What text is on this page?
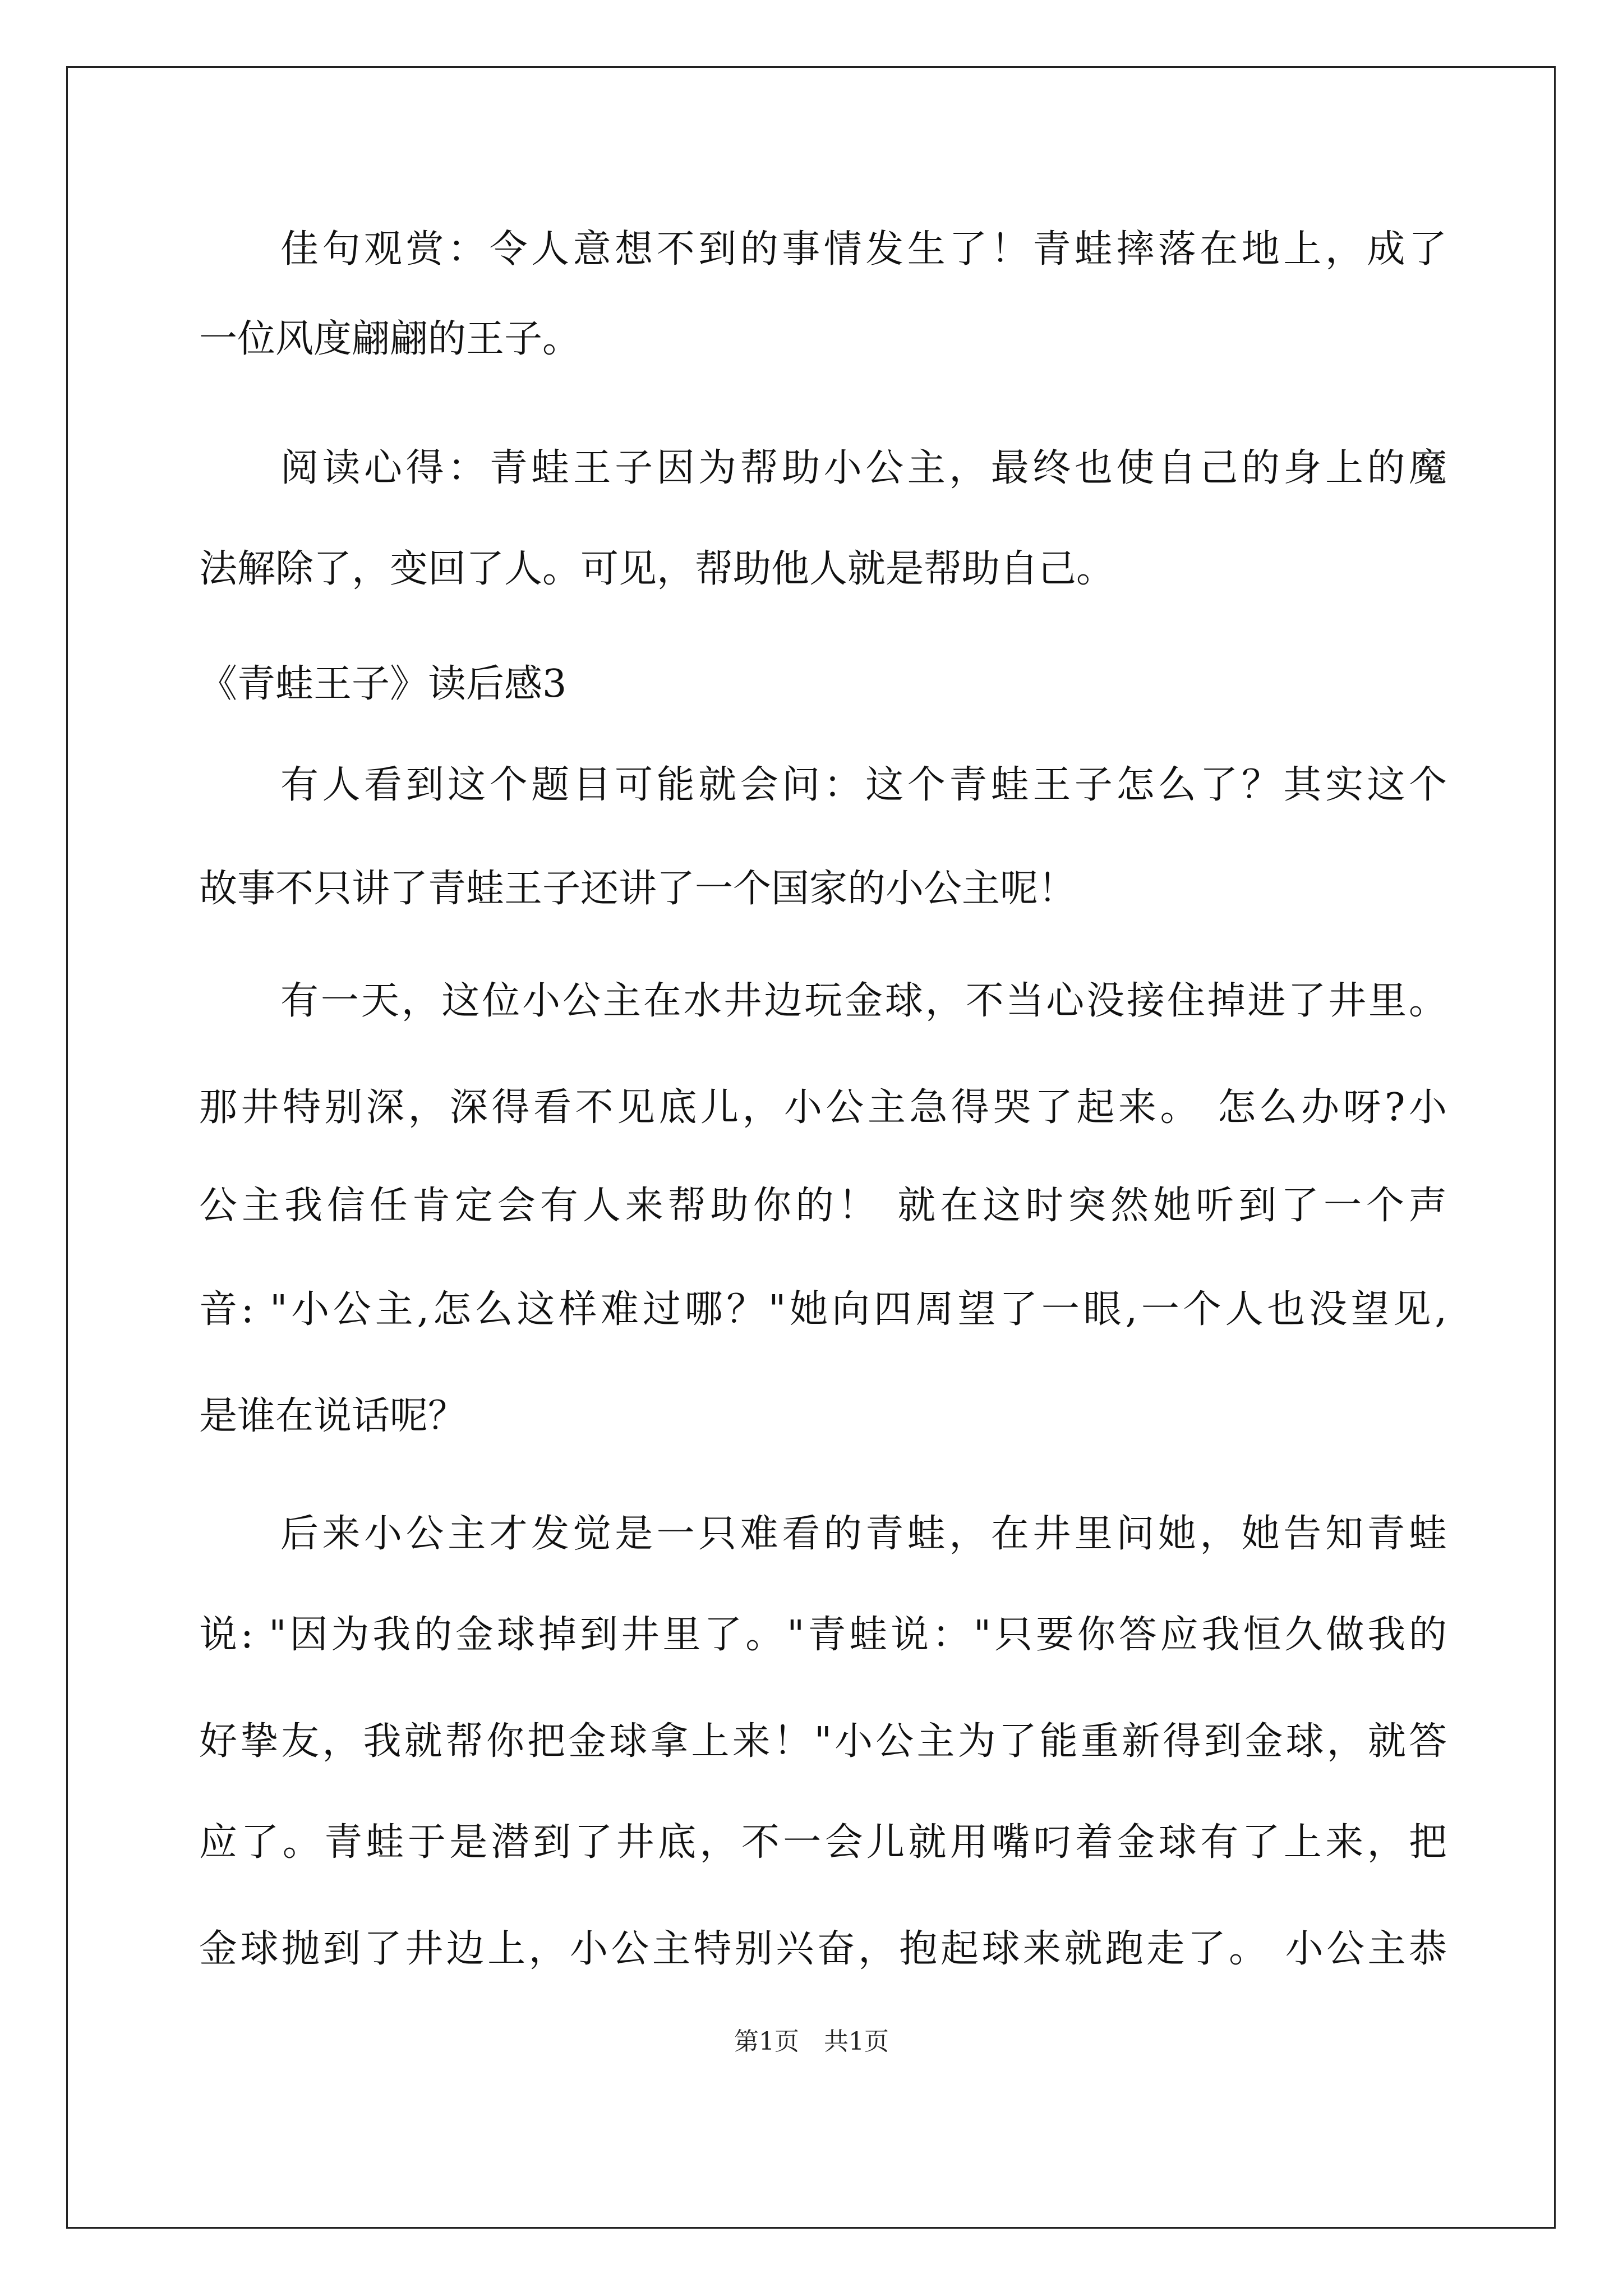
佳句观赏：令人意想不到的事情发生了！青蛙摔落在地上，成了
一位风度翩翩的王子。
阅读心得：青蛙王子因为帮助小公主，最终也使自己的身上的魔
法解除了，变回了人。可见，帮助他人就是帮助自己。
《青蛙王子》读后感3
有人看到这个题目可能就会问：这个青蛙王子怎么了？其实这个
故事不只讲了青蛙王子还讲了一个国家的小公主呢！
有一天，这位小公主在水井边玩金球，不当心没接住掉进了井里。
那井特别深，深得看不见底儿，小公主急得哭了起来。 怎么办呀?小
公主我信任肯定会有人来帮助你的！ 就在这时突然她听到了一个声
音: "小公主,怎么这样难过哪？"她向四周望了一眼,一个人也没望见,
是谁在说话呢？
后来小公主才发觉是一只难看的青蛙，在井里问她，她告知青蛙
说: "因为我的金球掉到井里了。"青蛙说："只要你答应我恒久做我的
好挚友，我就帮你把金球拿上来！"小公主为了能重新得到金球，就答
应了。青蛙于是潜到了井底，不一会儿就用嘴叼着金球有了上来，把
金球抛到了井边上，小公主特别兴奋，抱起球来就跑走了。 小公主恭
第1页　共1页
